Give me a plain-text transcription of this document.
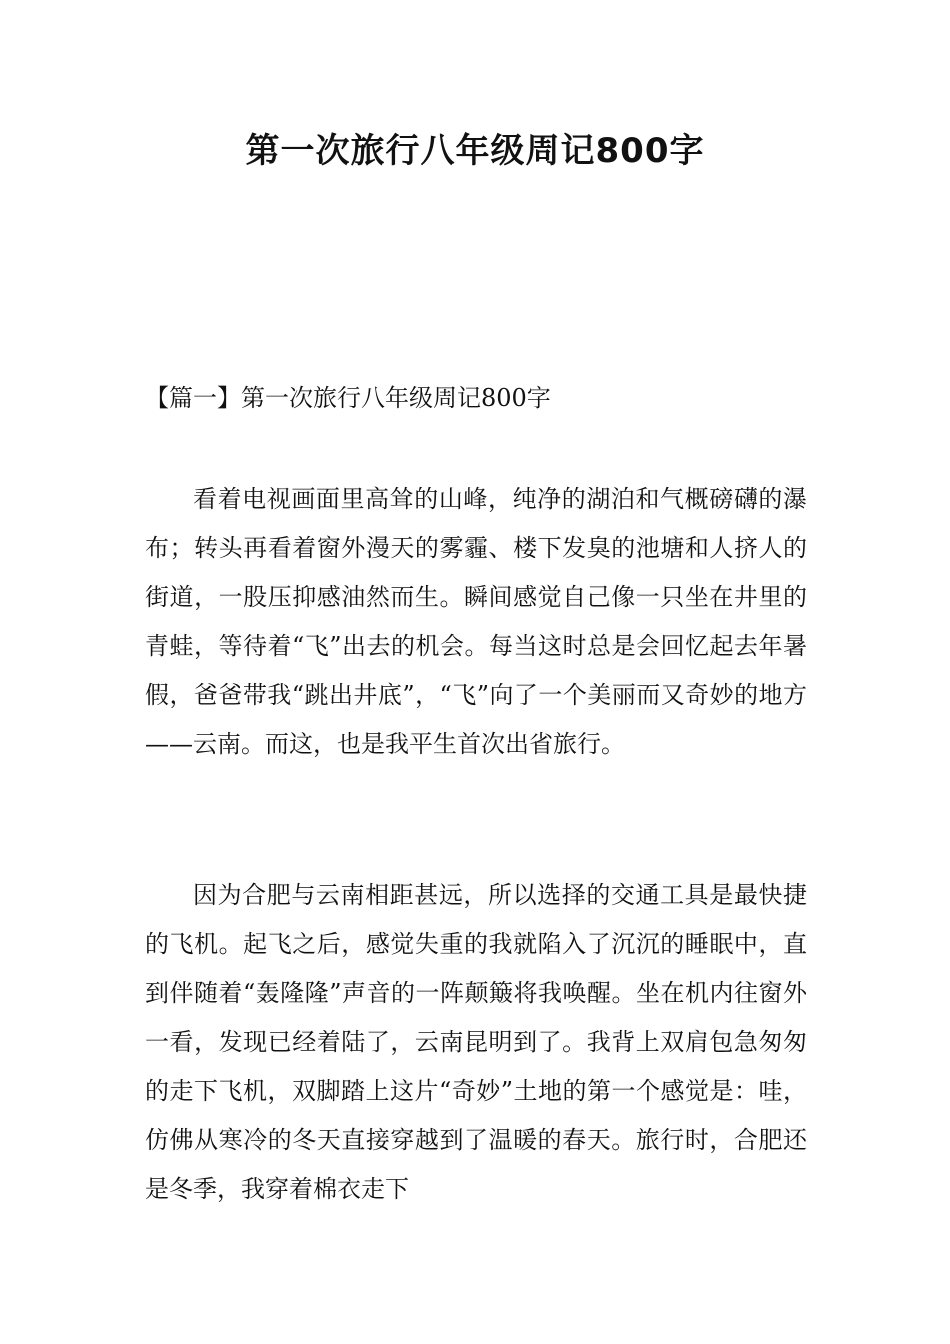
第一次旅行八年级周记800字
【篇一】第一次旅行八年级周记800字

看着电视画面里高耸的山峰，纯净的湖泊和气概磅礴的瀑布；转头再看着窗外漫天的雾霾、楼下发臭的池塘和人挤人的街道，一股压抑感油然而生。瞬间感觉自己像一只坐在井里的青蛙，等待着“飞”出去的机会。每当这时总是会回忆起去年暑假，爸爸带我“跳出井底”，“飞”向了一个美丽而又奇妙的地方——云南。而这，也是我平生首次出省旅行。

因为合肥与云南相距甚远，所以选择的交通工具是最快捷的飞机。起飞之后，感觉失重的我就陷入了沉沉的睡眠中，直到伴随着“轰隆隆”声音的一阵颠簸将我唤醒。坐在机内往窗外一看，发现已经着陆了，云南昆明到了。我背上双肩包急匆匆的走下飞机，双脚踏上这片“奇妙”土地的第一个感觉是：哇，仿佛从寒冷的冬天直接穿越到了温暖的春天。旅行时，合肥还是冬季，我穿着棉衣走下
